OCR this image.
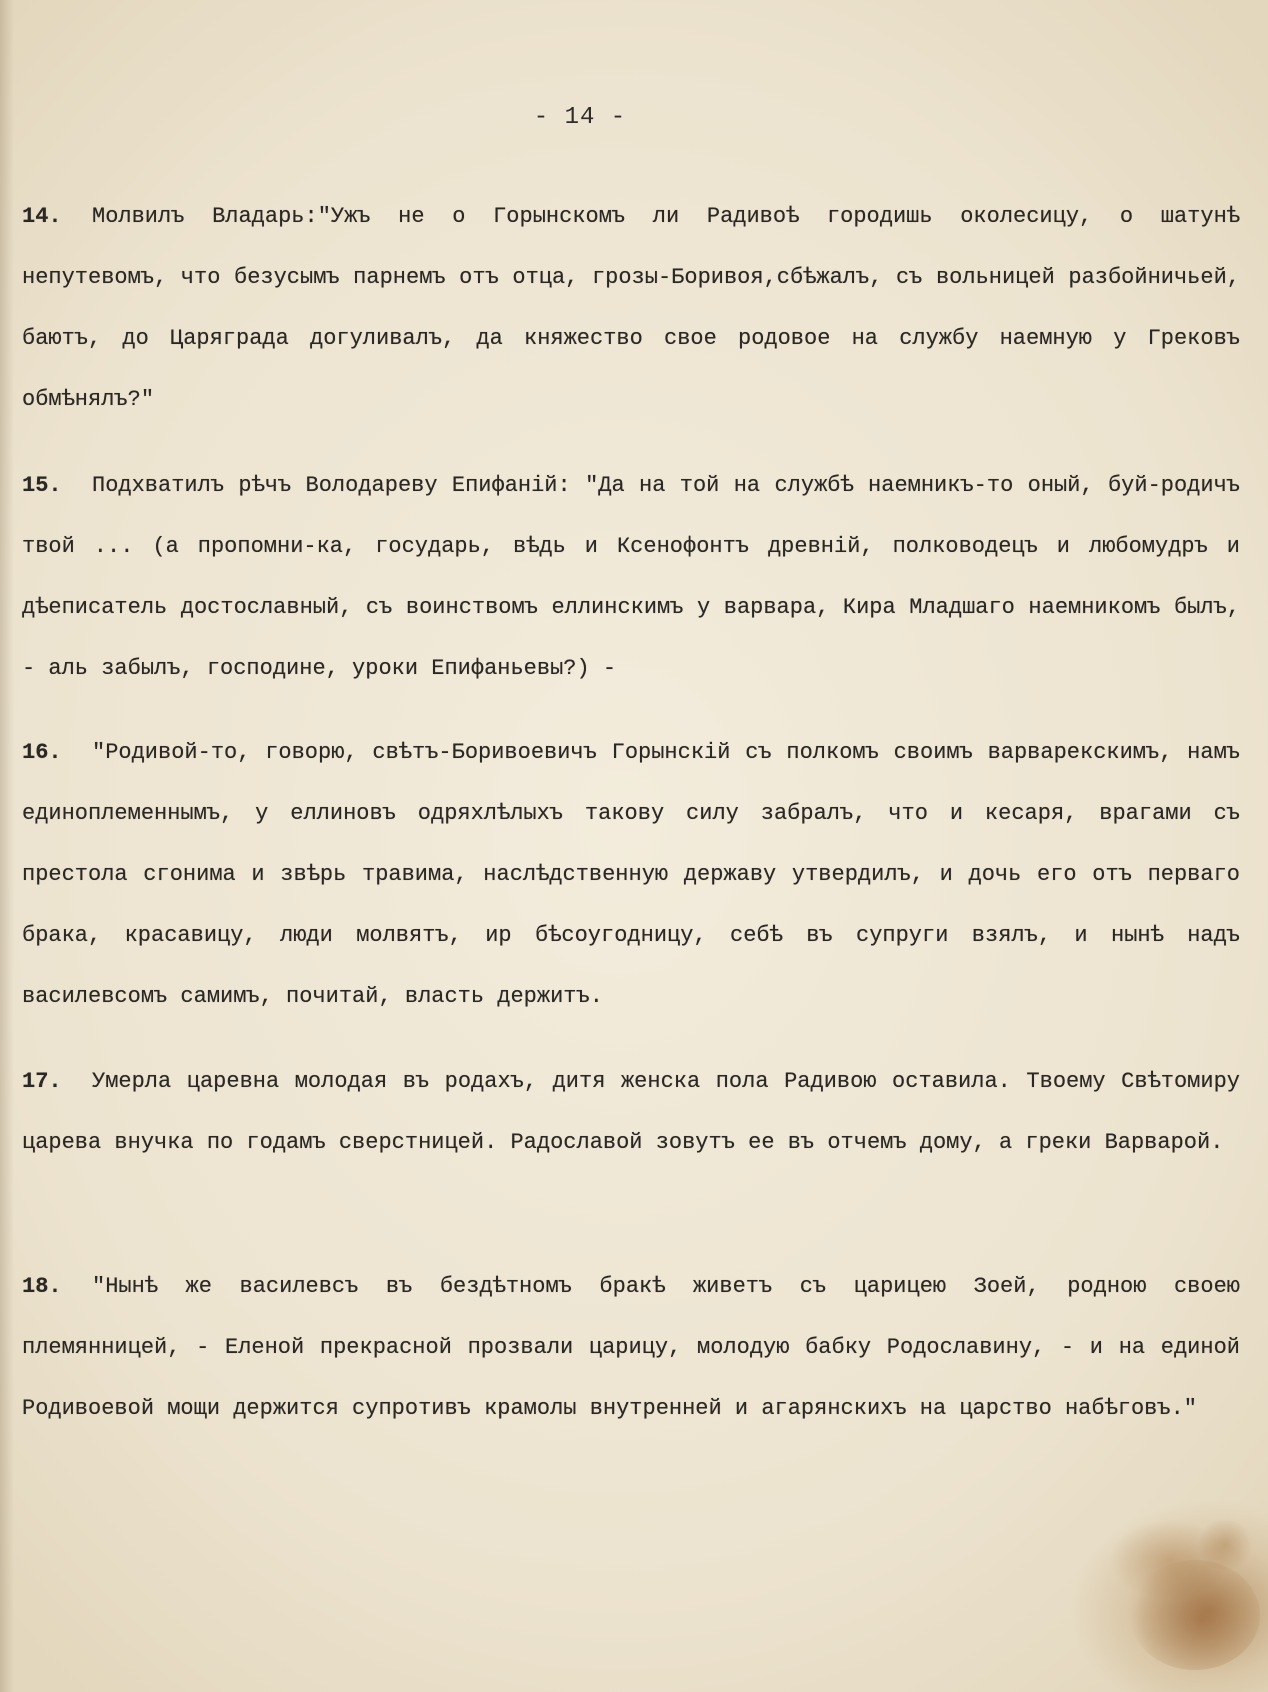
- 14 -

14. Молвилъ Владарь:"Ужъ не о Горынскомъ ли Радивоѣ городишь околесицу, о шатунѣ непутевомъ, что безусымъ парнемъ отъ отца, грозы-Боривоя,сбѣжалъ, съ вольницей разбойничьей, баютъ, до Царяграда догуливалъ, да княжество свое родовое на службу наемную у Грековъ обмѣнялъ?"

15. Подхватилъ рѣчъ Володареву Епифаній: "Да на той на службѣ наемникъ-то оный, буй-родичъ твой ... (а пропомни-ка, государь, вѣдь и Ксенофонтъ древній, полководецъ и любомудръ и дѣеписатель достославный, съ воинствомъ еллинскимъ у варвара, Кира Младшаго наемникомъ былъ, - аль забылъ, господине, уроки Епифаньевы?) -

16. "Родивой-то, говорю, свѣтъ-Боривоевичъ Горынскій съ полкомъ своимъ варварекскимъ, намъ единоплеменнымъ, у еллиновъ одряхлѣлыхъ такову силу забралъ, что и кесаря, врагами съ престола сгонима и звѣрь травима, наслѣдственную державу утвердилъ, и дочь его отъ перваго брака, красавицу, люди молвятъ, ир бѣсоугодницу, себѣ въ супруги взялъ, и нынѣ надъ василевсомъ самимъ, почитай, власть держитъ.

17. Умерла царевна молодая въ родахъ, дитя женска пола Радивою оставила. Твоему Свѣтомиру царева внучка по годамъ сверстницей. Радославой зовутъ ее въ отчемъ дому, а греки Варварой.

18. "Нынѣ же василевсъ въ бездѣтномъ бракѣ живетъ съ царицею Зоей, родною своею племянницей, - Еленой прекрасной прозвали царицу, молодую бабку Родославину, - и на единой Родивоевой мощи держится супротивъ крамолы внутренней и агарянскихъ на царство набѣговъ."
